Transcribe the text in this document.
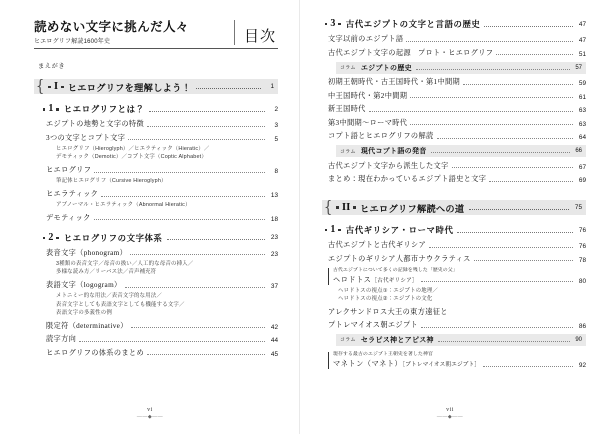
読めない文字に挑んだ人々
ヒエログリフ解読1600年史	目次
まえがき
{ I ヒエログリフを理解しよう！	1
1 ヒエログリフとは？	2
エジプトの地勢と文字の特徴	3
3つの文字とコプト文字	5
ヒエログリフ（Hieroglyph）／ヒエラティック（Hieratic）／
デモティック（Demotic）／コプト文字（Coptic Alphabet）
ヒエログリフ	8
筆記体ヒエログリフ（Cursive Hieroglyph）
ヒエラティック	13
アブノーマル・ヒエラティック（Abnormal Hieratic）
デモティック	18
2 ヒエログリフの文字体系	23
表音文字（phonogram）	23
3種類の表音文字／母音の扱い／人工的な母音の挿入／
多様な読み方／リーバス法／音声補充符
表語文字（logogram）	37
メトニミー的な用法／表音文字的な用法／
表音文字としても表語文字としても機能する文字／
表語文字の多義性の例
限定符（determinative）	42
読字方向	44
ヒエログリフの体系のまとめ	45
vi
——◆——
3 古代エジプトの文字と言語の歴史	47
文字以前のエジプト語	47
古代エジプト文字の起源 プロト・ヒエログリフ	51
コラム エジプトの歴史	57
初期王朝時代・古王国時代・第1中間期	59
中王国時代・第2中間期	61
新王国時代	63
第3中間期〜ローマ時代	63
コプト語とヒエログリフの解読	64
コラム 現代コプト語の発音	66
古代エジプト文字から派生した文字	67
まとめ：現在わかっているエジプト語史と文字	69
{ II ヒエログリフ解読への道	75
1 古代ギリシア・ローマ時代	76
古代エジプトと古代ギリシア	76
エジプトのギリシア人都市ナウクラティス	78
古代エジプトについて多くの記録を残した「歴史の父」
ヘロドトス［古代ギリシア］	80
ヘロドトスの視点①：エジプトの地理／
ヘロドトスの視点②：エジプトの文化
アレクサンドロス大王の東方遠征と
プトレマイオス朝エジプト	86
コラム セラピス神とアピス神	90
現存する最古のエジプト王朝史を著した神官
マネトン（マネト）［プトレマイオス朝エジプト］	92
vii
——◆——
